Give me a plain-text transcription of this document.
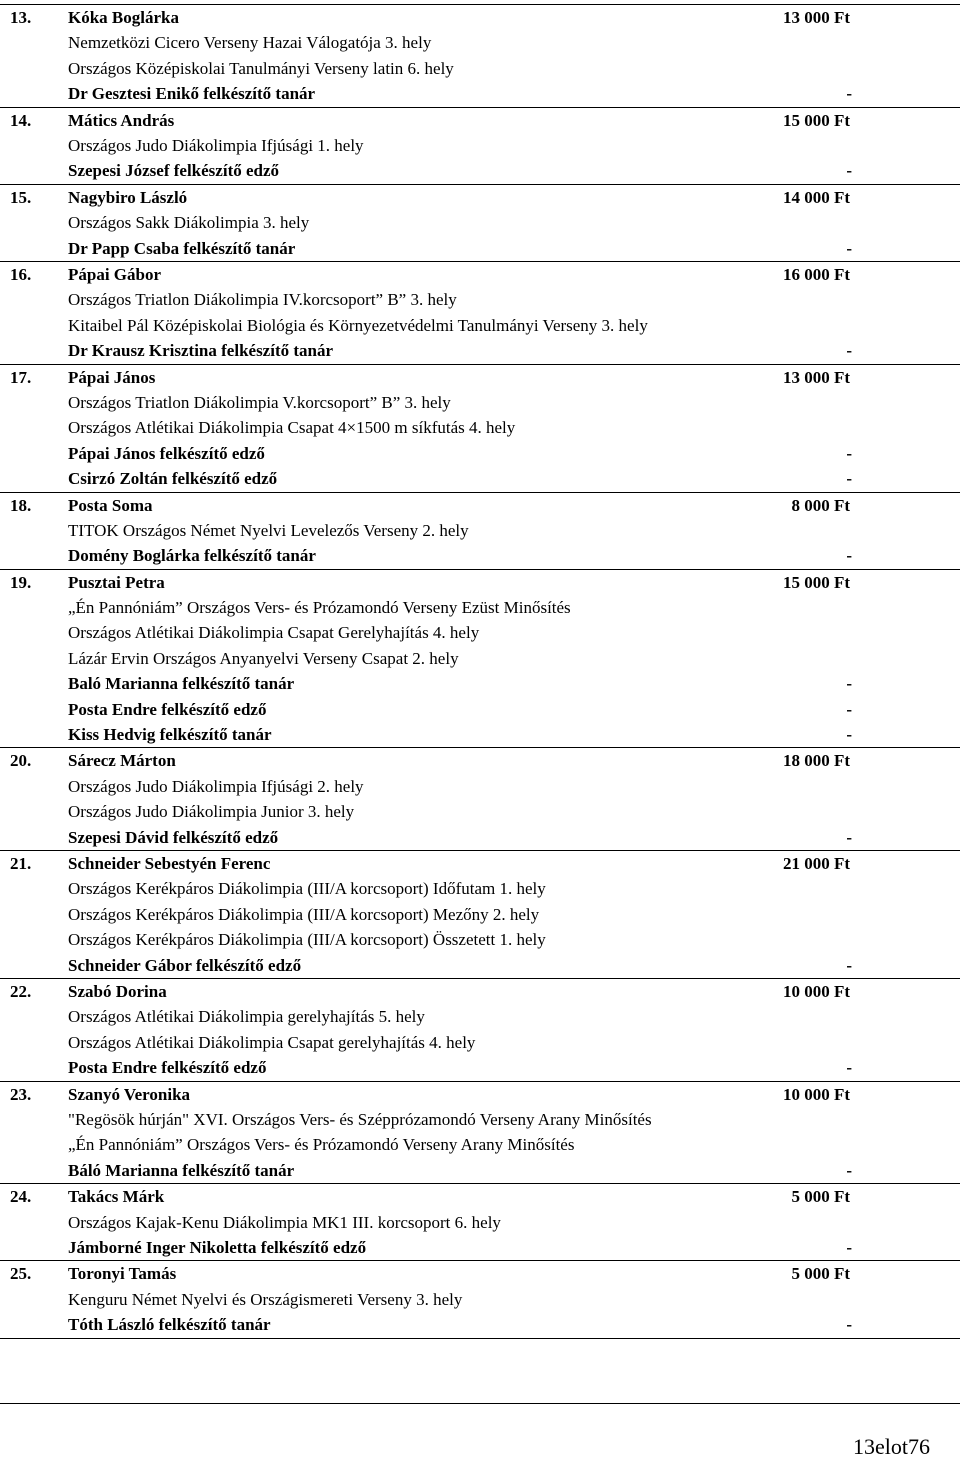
13. Kóka Boglárka	13 000 Ft
Nemzetközi Cicero Verseny Hazai Válogatója 3. hely
Országos Középiskolai Tanulmányi Verseny latin 6. hely
Dr Gesztesi Enikő felkészítő tanár	-
14. Mátics András	15 000 Ft
Országos Judo Diákolimpia Ifjúsági 1. hely
Szepesi József felkészítő edző	-
15. Nagybiro László	14 000 Ft
Országos Sakk Diákolimpia 3. hely
Dr Papp Csaba felkészítő tanár	-
16. Pápai Gábor	16 000 Ft
Országos Triatlon Diákolimpia IV.korcsoport” B” 3. hely
Kitaibel Pál Középiskolai Biológia és Környezetvédelmi Tanulmányi Verseny 3. hely
Dr Krausz Krisztina felkészítő tanár	-
17. Pápai János	13 000 Ft
Országos Triatlon Diákolimpia V.korcsoport” B” 3. hely
Országos Atlétikai Diákolimpia Csapat 4×1500 m síkfutás 4. hely
Pápai János felkészítő edző	-
Csirzó Zoltán felkészítő edző	-
18. Posta Soma	8 000 Ft
TITOK Országos Német Nyelvi Levelezős Verseny 2. hely
Domény Boglárka felkészítő tanár	-
19. Pusztai Petra	15 000 Ft
„Én Pannóniám” Országos Vers- és Prózamondó Verseny Ezüst Minősítés
Országos Atlétikai Diákolimpia Csapat Gerelyhajítás 4. hely
Lázár Ervin Országos Anyanyelvi Verseny Csapat 2. hely
Baló Marianna felkészítő tanár	-
Posta Endre felkészítő edző	-
Kiss Hedvig felkészítő tanár	-
20. Sárecz Márton	18 000 Ft
Országos Judo Diákolimpia Ifjúsági 2. hely
Országos Judo Diákolimpia Junior 3. hely
Szepesi Dávid felkészítő edző	-
21. Schneider Sebestyén Ferenc	21 000 Ft
Országos Kerékpáros Diákolimpia (III/A korcsoport) Időfutam 1. hely
Országos Kerékpáros Diákolimpia (III/A korcsoport) Mezőny 2. hely
Országos Kerékpáros Diákolimpia (III/A korcsoport) Összetett 1. hely
Schneider Gábor felkészítő edző	-
22. Szabó Dorina	10 000 Ft
Országos Atlétikai Diákolimpia gerelyhajítás 5. hely
Országos Atlétikai Diákolimpia Csapat gerelyhajítás 4. hely
Posta Endre felkészítő edző	-
23. Szanyó Veronika	10 000 Ft
"Regösök húrján" XVI. Országos Vers- és Szépprózamondó Verseny Arany Minősítés
„Én Pannóniám” Országos Vers- és Prózamondó Verseny Arany Minősítés
Báló Marianna felkészítő tanár	-
24. Takács Márk	5 000 Ft
Országos Kajak-Kenu Diákolimpia MK1 III. korcsoport 6. hely
Jámborné Inger Nikoletta felkészítő edző	-
25. Toronyi Tamás	5 000 Ft
Kenguru Német Nyelvi és Országismereti Verseny 3. hely
Tóth László felkészítő tanár	-
13elot76
